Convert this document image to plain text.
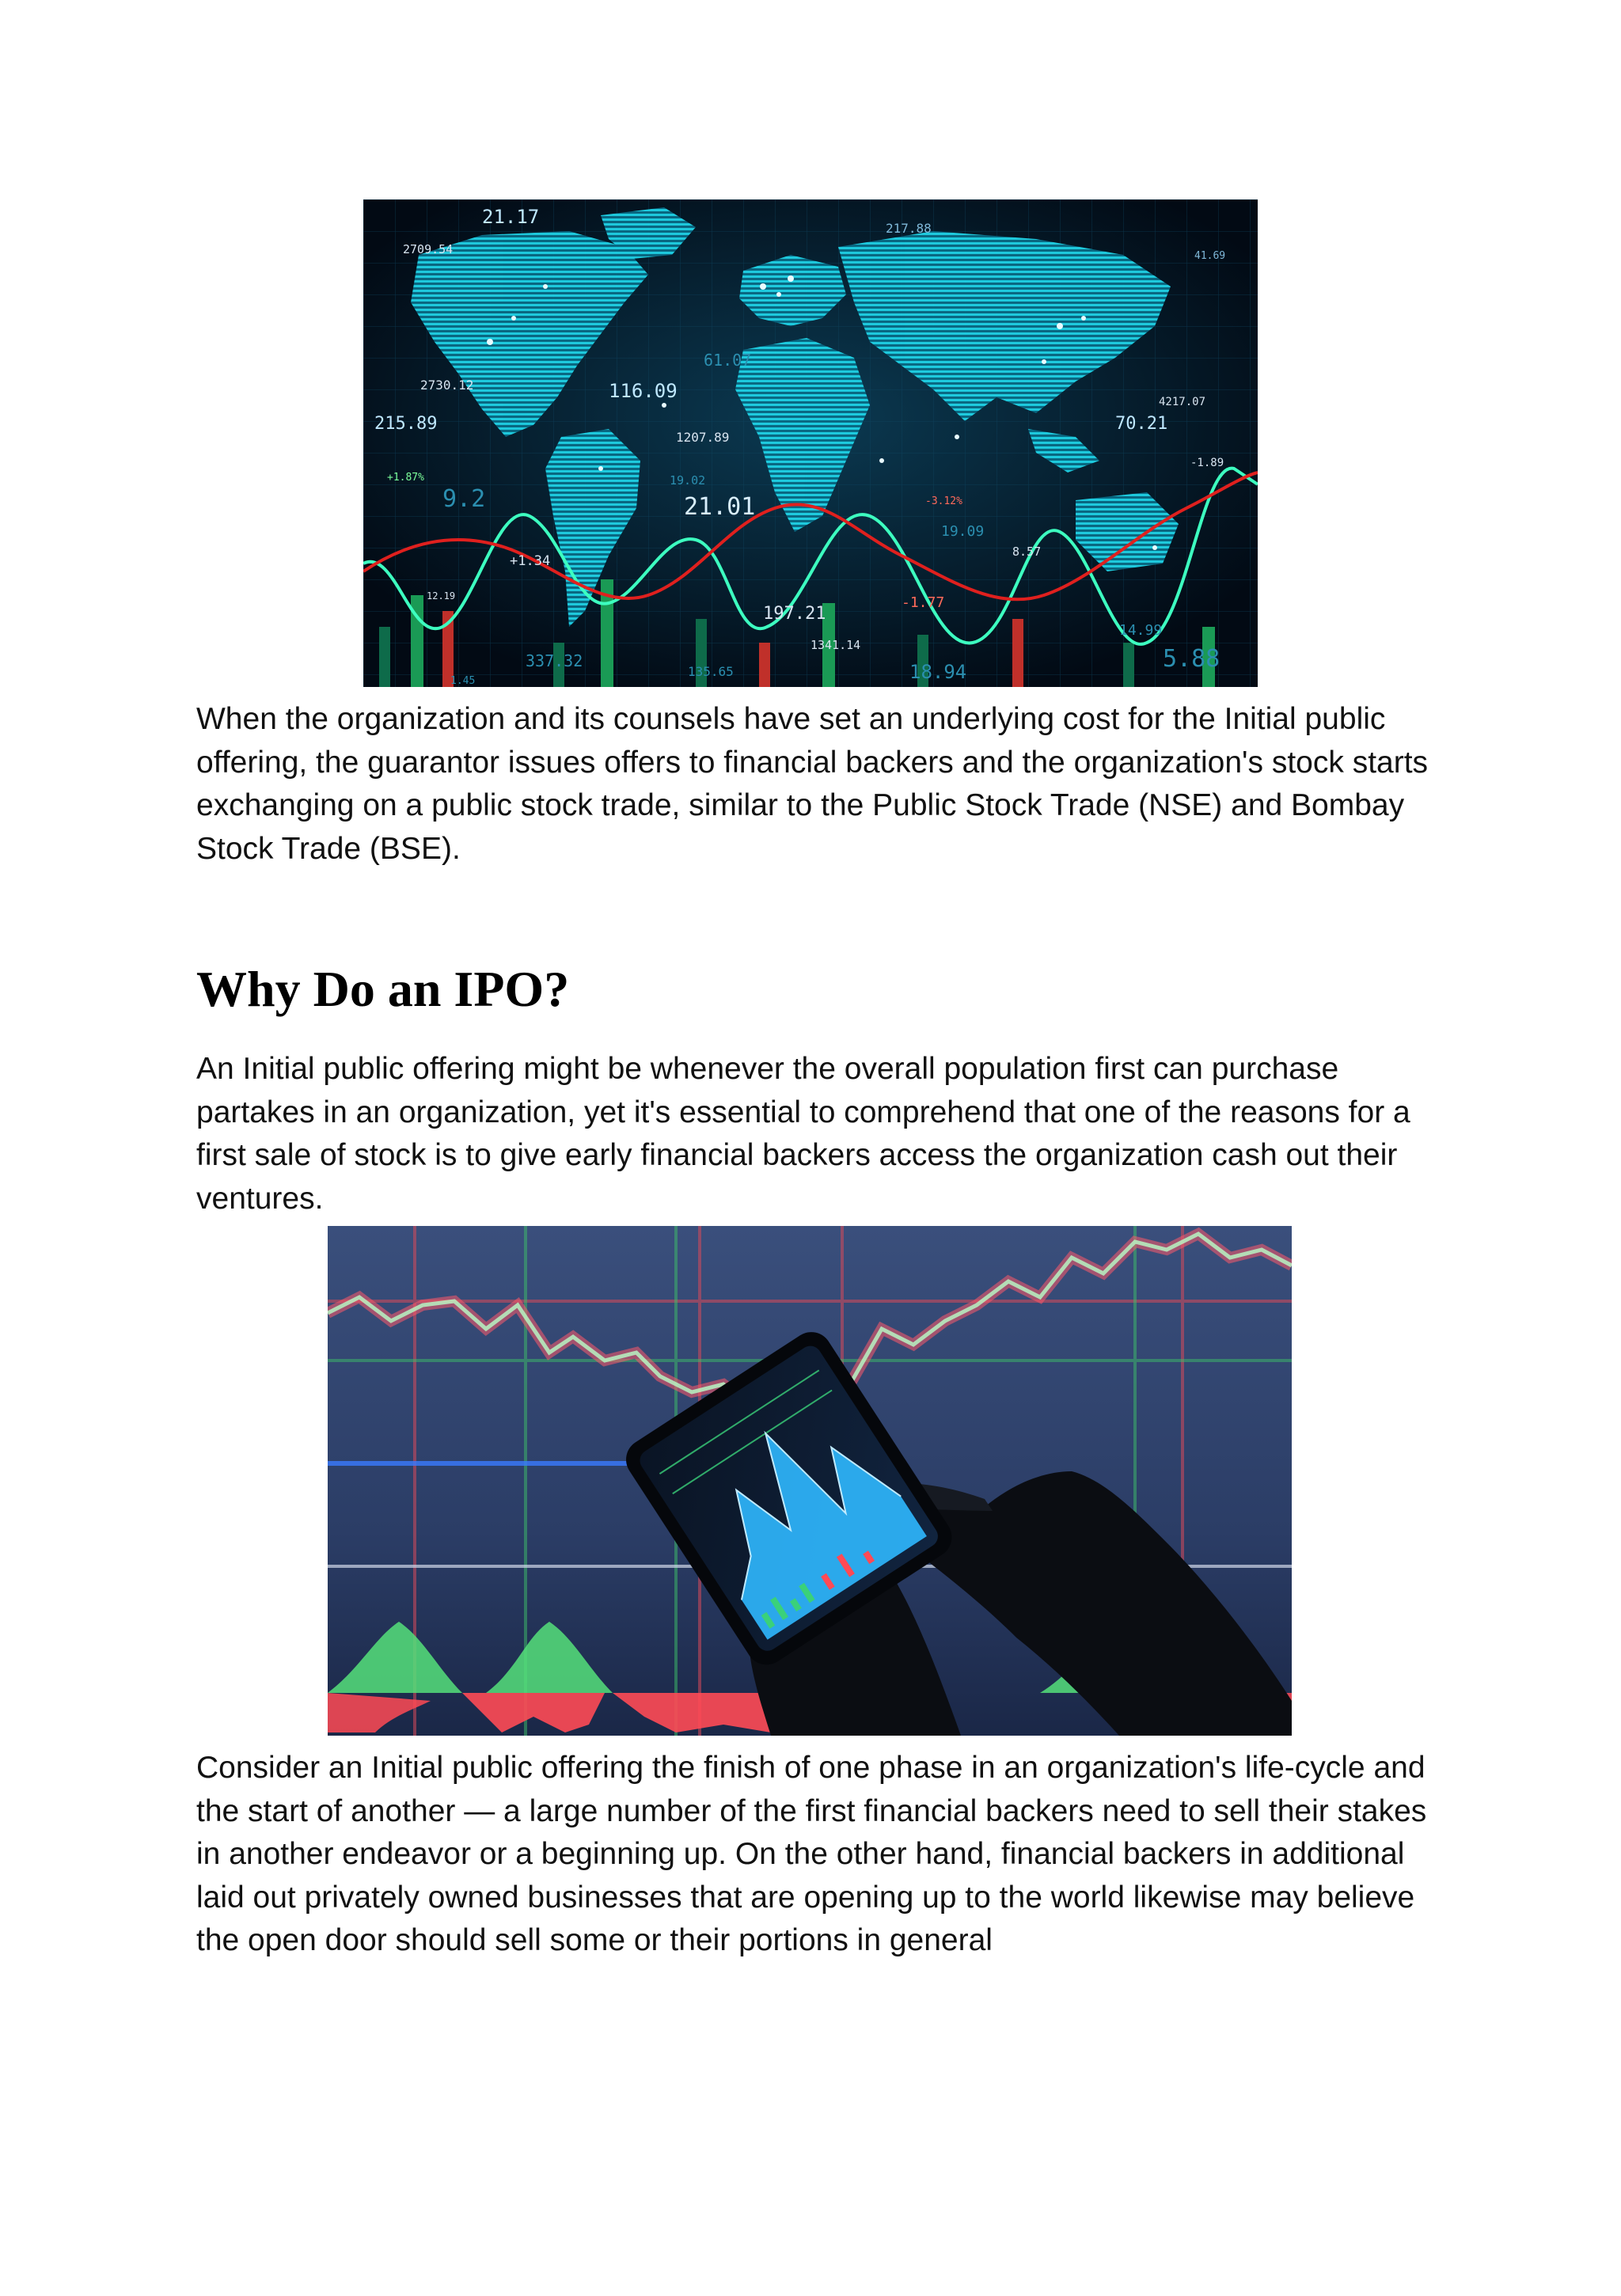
21.17
2709.54
217.88
41.69
2730.12	116.09
61.07
4217.07
215.89
1207.89
70.21
+1.87%
9.2
19.02
21.01	-3.12%
-1.89
19.09
+1.34
8.57
12.19
197.21
-1.77
337.32
1341.14
14.99
5.88
135.65	18.94
1.45

When the organization and its counsels have set an underlying cost for the Initial public offering, the guarantor issues offers to financial backers and the organization's stock starts exchanging on a public stock trade, similar to the Public Stock Trade (NSE) and Bombay Stock Trade (BSE).

Why Do an IPO?

An Initial public offering might be whenever the overall population first can purchase partakes in an organization, yet it's essential to comprehend that one of the reasons for a first sale of stock is to give early financial backers access the organization cash out their ventures.

Consider an Initial public offering the finish of one phase in an organization's life-cycle and the start of another — a large number of the first financial backers need to sell their stakes in another endeavor or a beginning up. On the other hand, financial backers in additional laid out privately owned businesses that are opening up to the world likewise may believe the open door should sell some or their portions in general
